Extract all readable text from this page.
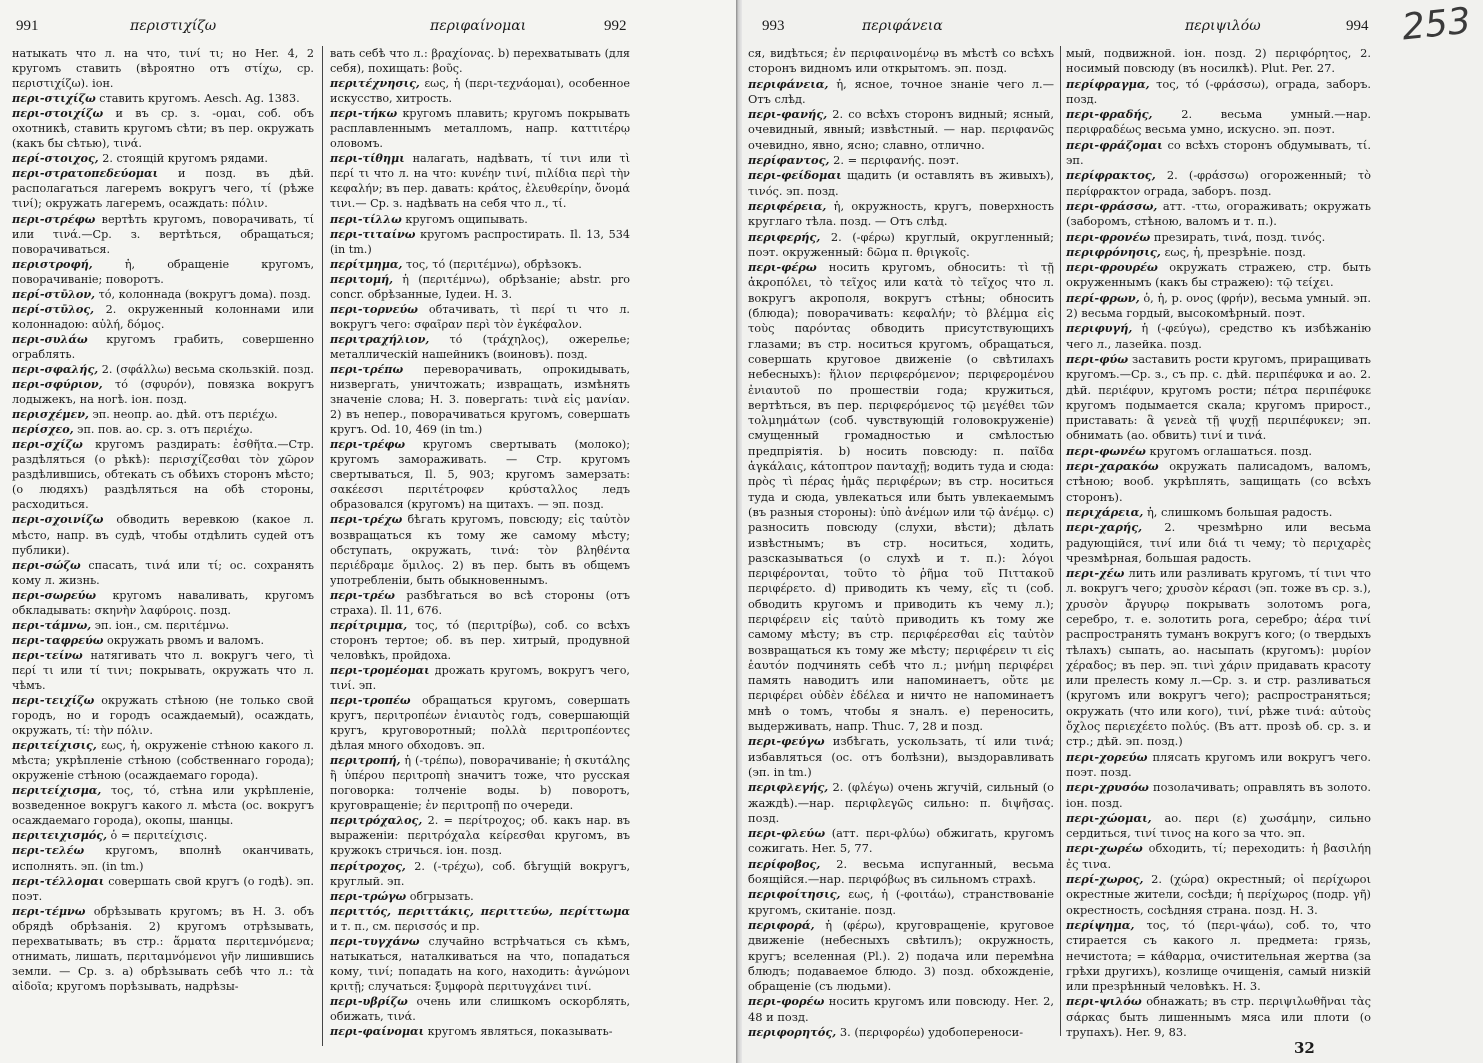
991	περιστιχίζω	περιφαίνομαι	992

натыкать что л. на что, τινί τι; но Her. 4, 2 кругомъ ставить (вѣроятно отъ στίχω, ср. περιστιχίζω). іон.

περι-στιχίζω ставить кругомъ. Aesch. Ag. 1383.

περι-στοιχίζω и въ ср. з. -ομαι, соб. объ охотникѣ, ставить кругомъ сѣти; въ пер. окружать (какъ бы сѣтью), τινά.

περί-στοιχος, 2. стоящій кругомъ рядами.

περι-στρατοπεδεύομαι и позд. въ дѣй. располагаться лагеремъ вокругъ чего, τί (рѣже τινί); окружать лагеремъ, осаждать: πόλιν.

περι-στρέφω вертѣть кругомъ, поворачивать, τί или τινά.—Ср. з. вертѣться, обращаться; поворачиваться.

περιστροφή,	ἡ, обращеніе кругомъ, поворачиваніе; поворотъ.

περί-στῡλον, τό, колоннада (вокругъ дома). позд.

περί-στῡλος, 2. окруженный колоннами или колоннадою: αὐλή, δόμος.

περι-συλάω кругомъ грабить, совершенно ограблять.

περι-σφαλής, 2. (σφάλλω) весьма скользкій. позд.

περι-σφύριον, τό (σφυρόν), повязка вокругъ лодыжекъ, на ногѣ. іон. позд.

περισχέμεν, эп. неопр. ао. дѣй. отъ περιέχω.

περίσχεο, эп. пов. ао. ср. з. отъ περιέχω.

περι-σχίζω кругомъ раздирать: ἐσθῆτα.—Стр. раздѣляться (о рѣкѣ): περισχίζεσθαι τὸν χῶρον раздѣлившись, обтекать съ обѣихъ сторонъ мѣсто; (о людяхъ) раздѣляться на обѣ стороны, расходиться.

περι-σχοινίζω обводить веревкою (какое л. мѣсто, напр. въ судѣ, чтобы отдѣлить судей отъ публики).

περι-σώζω спасать, τινά или τί; ос. сохранять кому л. жизнь.

περι-σωρεύω кругомъ наваливать, кругомъ обкладывать: σκηνὴν λαφύροις. позд.

περι-τάμνω, эп. іон., см. περιτέμνω.

περι-ταφρεύω окружать рвомъ и валомъ.

περι-τείνω натягивать что л. вокругъ чего, τὶ περί τι или τί τινι; покрывать, окружать что л. чѣмъ.

περι-τειχίζω окружать стѣною (не только свой городъ, но и городъ осаждаемый), осаждать, окружать, τί: τὴν πόλιν.

περιτείχισις, εως, ἡ, окруженіе стѣною какого л. мѣста; укрѣпленіе стѣною (собственнаго города); окруженіе стѣною (осаждаемаго города).

περιτείχισμα, τος, τό, стѣна или укрѣпленіе, возведенное вокругъ какого л. мѣста (ос. вокругъ осаждаемаго города), окопы, шанцы.

περιτειχισμός, ὁ = περιτείχισις.

περι-τελέω кругомъ, вполнѣ оканчивать, исполнять. эп. (in tm.)

περι-τέλλομαι совершать свой кругъ (о годѣ). эп. поэт.

περι-τέμνω обрѣзывать кругомъ; въ Н. 3. объ обрядѣ обрѣзанія. 2) кругомъ отрѣзывать, перехватывать; въ стр.: ἅρματα περιτεμνόμενα; отнимать, лишать, περιταμνόμενοι γῆν лишившись земли. — Ср. з. а) обрѣзывать себѣ что л.: τὰ αἰδοῖα; кругомъ порѣзывать, надрѣзы-

вать себѣ что л.: βραχίονας. b) перехватывать (для себя), похищать: βοῦς.

περιτέχνησις, εως, ἡ (περι-τεχνάομαι), особенное искусство, хитрость.

περι-τήκω кругомъ плавить; кругомъ покрывать расплавленнымъ металломъ, напр. καττιτέρῳ оловомъ.

περι-τίθημι налагать, надѣвать, τί τινι или τὶ περί τι что л. на что: κυνέην τινί, πιλίδια περὶ τὴν κεφαλήν; въ пер. давать: κράτος, ἐλευθερίην, ὄνομά τινι.— Ср. з. надѣвать на себя что л., τί.

περι-τίλλω кругомъ ощипывать.

περι-τιταίνω кругомъ распростирать. Il. 13, 534 (in tm.)

περίτμημα, τος, τό (περιτέμνω), обрѣзокъ.

περιτομή, ἡ (περιτέμνω), обрѣзаніе; abstr. pro concr. обрѣзанные, Іудеи. Н. 3.

περι-τορνεύω обтачивать, τὶ περί τι что л. вокругъ чего: σφαῖραν περὶ τὸν ἐγκέφαλον.

περιτραχήλιον, τό (τράχηλος), ожерелье; металлическій нашейникъ (воиновъ). позд.

περι-τρέπω переворачивать, опрокидывать, низвергать, уничтожать; извращать, измѣнять значеніе слова; Н. 3. повергать: τινὰ εἰς μανίαν. 2) въ непер., поворачиваться кругомъ, совершать кругъ. Od. 10, 469 (in tm.)

περι-τρέφω кругомъ свертывать (молоко); кругомъ замораживать. — Стр. кругомъ свертываться, Il. 5, 903; кругомъ замерзать: σακέεσσι περιτέτροφεν κρύσταλλος ледъ образовался (кругомъ) на щитахъ. — эп. позд.

περι-τρέχω бѣгать кругомъ, повсюду; εἰς ταὐτὸν возвращаться къ тому же самому мѣсту; обступать, окружать, τινά: τὸν βληθέντα περιέδραμε ὅμιλος. 2) въ пер. быть въ общемъ употребленіи, быть обыкновеннымъ.

περι-τρέω разбѣгаться во всѣ стороны (отъ страха). Il. 11, 676.

περίτριμμα, τος, τό (περιτρίβω), соб. со всѣхъ сторонъ тертое; об. въ пер. хитрый, продувной человѣкъ, пройдоха.

περι-τρομέομαι дрожать кругомъ, вокругъ чего, τινί. эп.

περι-τροπέω обращаться кругомъ, совершать кругъ, περιτροπέων ἐνιαυτὸς годъ, совершающій кругъ, круговоротный; πολλὰ περιτροπέοντες дѣлая много обходовъ. эп.

περιτροπή, ἡ (-τρέπω), поворачиваніе; ἡ σκυτάλης ἢ ὑπέρου περιτροπὴ значитъ тоже, что русская поговорка: толченіе воды. b) поворотъ, круговращеніе; ἐν περιτροπῇ по очереди.

περιτρόχαλος, 2. = περίτροχος; об. какъ нар. въ выраженіи: περιτρόχαλα κείρεσθαι кругомъ, въ кружокъ стричься. іон. позд.

περίτροχος, 2. (-τρέχω), соб. бѣгущій вокругъ, круглый. эп.

περι-τρώγω обгрызать.

περιττός, περιττάκις, περιττεύω, περίττωμα и т. п., см. περισσός и пр.

περι-τυγχάνω случайно встрѣчаться съ кѣмъ, натыкаться, наталкиваться на что, попадаться кому, τινί; попадать на кого, находить: ἀγνώμονι κριτῇ; случаться: ξυμφορὰ περιτυγχάνει τινί.

περι-υβρίζω очень или слишкомъ оскорблять, обижать, τινά.

περι-φαίνομαι кругомъ являться, показывать-

993	περιφάνεια	περιψιλόω	994 253

ся, видѣться; ἐν περιφαινομένῳ въ мѣстѣ со всѣхъ сторонъ видномъ или открытомъ. эп. позд.

περιφάνεια, ἡ, ясное, точное знаніе чего л.— Отъ слѣд.

περι-φανής, 2. со всѣхъ сторонъ видный; ясный, очевидный, явный; извѣстный. — нар. περιφανῶς очевидно, явно, ясно; славно, отлично.

περίφαντος, 2. = περιφανής. поэт.

περι-φείδομαι щадить (и оставлять въ живыхъ), τινός. эп. позд.

περιφέρεια, ἡ, окружность, кругъ, поверхность круглаго тѣла. позд. — Отъ слѣд.

περιφερής, 2. (-φέρω) круглый, округленный; поэт. окруженный: δῶμα π. θριγκοῖς.

περι-φέρω носить кругомъ, обносить: τὶ τῇ ἀκροπόλει, τὸ τεῖχος или κατὰ τὸ τεῖχος что л. вокругъ акрополя, вокругъ стѣны; обносить (блюда); поворачивать: κεφαλήν; τὸ βλέμμα εἰς τοὺς παρόντας обводить присутствующихъ глазами; въ стр. носиться кругомъ, обращаться, совершать круговое движеніе (о свѣтилахъ небесныхъ): ἥλιον περιφερόμενον; περιφερομένου ἐνιαυτοῦ по прошествіи года; кружиться, вертѣться, въ пер. περιφερόμενος τῷ μεγέθει τῶν τολμημάτων (соб. чувствующій головокруженіе) смущенный громадностью и смѣлостью предпріятія. b) носить повсюду: π. παῖδα ἀγκάλαις, κάτοπτρον πανταχῇ; водить туда и сюда: πρὸς τὶ πέρας ἡμᾶς περιφέρων; въ стр. носиться туда и сюда, увлекаться или быть увлекаемымъ (въ разныя стороны): ὑπὸ ἀνέμων или τῷ ἀνέμῳ. с) разносить повсюду (слухи, вѣсти); дѣлать извѣстнымъ; въ стр. носиться, ходить, разсказываться (о слухѣ и т. п.): λόγοι περιφέρονται, τοῦτο τὸ ῥῆμα τοῦ Πιττακοῦ περιφέρετο. d) приводить къ чему, εἴς τι (соб. обводить кругомъ и приводить къ чему л.); περιφέρειν εἰς ταὐτὸ приводить къ тому же самому мѣсту; въ стр. περιφέρεσθαι εἰς ταὐτὸν возвращаться къ тому же мѣсту; περιφέρειν τι εἰς ἑαυτόν подчинять себѣ что л.; μνήμη περιφέρει память наводитъ или напоминаетъ, οὔτε με περιφέρει οὐδὲν ἐδέλεα и ничто не напоминаетъ мнѣ о томъ, чтобы я зналъ. e) переносить, выдерживать, напр. Thuc. 7, 28 и позд.

περι-φεύγω избѣгать, ускользать, τί или τινά; избавляться (ос. отъ болѣзни), выздоравливать (эп. in tm.)

περιφλεγής, 2. (φλέγω) очень жгучій, сильный (о жаждѣ).—нар. περιφλεγῶς сильно: π. διψῆσας. позд.

περι-φλεύω (атт. περι-φλύω) обжигать, кругомъ сожигать. Her. 5, 77.

περίφοβος, 2. весьма испуганный, весьма боящійся.—нар. περιφόβως въ сильномъ страхѣ.

περιφοίτησις, εως, ἡ (-φοιτάω), странствованіе кругомъ, скитаніе. позд.

περιφορά, ἡ (φέρω), круговращеніе, круговое движеніе (небесныхъ свѣтилъ); окружность, кругъ; вселенная (Pl.). 2) подача или перемѣна блюдъ; подаваемое блюдо. 3) позд. обхожденіе, обращеніе (съ людьми).

περι-φορέω носить кругомъ или повсюду. Her. 2, 48 и позд.

περιφορητός, 3. (περιφορέω) удобопереноси-

мый, подвижной. іон. позд. 2) περιφόρητος, 2. носимый повсюду (въ носилкѣ). Plut. Per. 27.

περίφραγμα, τος, τό (-φράσσω), ограда, заборъ. позд.

περι-φραδής,	2. весьма умный.—нар. περιφραδέως весьма умно, искусно. эп. поэт.

περι-φράζομαι со всѣхъ сторонъ обдумывать, τί. эп.

περίφρακτος, 2. (-φράσσω) огороженный; τὸ περίφρακτον ограда, заборъ. позд.

περι-φράσσω, атт. -ττω, огораживать; окружать (заборомъ, стѣною, валомъ и т. п.).

περι-φρονέω презирать, τινά, позд. τινός.

περιφρόνησις, εως, ἡ, презрѣніе. позд.

περι-φρουρέω окружать стражею, стр. быть окруженнымъ (какъ бы стражею): τῷ τείχει.

περί-φρων, ὁ, ἡ, р. ονος (φρήν), весьма умный. эп. 2) весьма гордый, высокомѣрный. поэт.

περιφυγή, ἡ (-φεύγω), средство къ избѣжанію чего л., лазейка. позд.

περι-φύω заставить рости кругомъ, приращивать кругомъ.—Ср. з., съ пр. с. дѣй. περιπέφυκα и ао. 2. дѣй. περιέφυν, кругомъ рости; πέτρα περιπέφυκε кругомъ подымается скала; кругомъ прирост., приставать: ἃ γενεὰ τῇ ψυχῇ περιπέφυκεν; эп. обнимать (ао. обвить) τινί и τινά.

περι-φωνέω кругомъ оглашаться. позд.

περι-χαρακόω окружать палисадомъ, валомъ, стѣною; вооб. укрѣплять, защищать (со всѣхъ сторонъ).

περιχάρεια, ἡ, слишкомъ большая радость.

περι-χαρής, 2. чрезмѣрно или весьма радующійся, τινί или διά τι чему; τὸ περιχαρὲς чрезмѣрная, большая радость.

περι-χέω лить или разливать кругомъ, τί τινι что л. вокругъ чего; χρυσὸν κέρασι (эп. тоже въ ср. з.), χρυσὸν ἄργυρῳ покрывать золотомъ рога, серебро, т. е. золотить рога, серебро; ἀέρα τινί распространять туманъ вокругъ кого; (о твердыхъ тѣлахъ) сыпать, ао. насыпать (кругомъ): μυρίον χέραδος; въ пер. эп. τινὶ χάριν придавать красоту или прелесть кому л.—Ср. з. и стр. разливаться (кругомъ или вокругъ чего); распространяться; окружать (что или кого), τινί, рѣже τινά: αὐτοὺς ὄχλος περιεχέετο πολύς. (Въ атт. прозѣ об. ср. з. и стр.; дѣй. эп. позд.)

περι-χορεύω плясать кругомъ или вокругъ чего. поэт. позд.

περι-χρυσόω позолачивать; оправлять въ золото. іон. позд.

περι-χώομαι, ао. περι (ε) χωσάμην, сильно сердиться, τινί τινος на кого за что. эп.

περι-χωρέω обходить, τί; переходить: ἡ βασιλήη ἐς τινα.

περί-χωρος, 2. (χώρα) окрестный; οἱ περίχωροι окрестные жители, сосѣди; ἡ περίχωρος (подр. γῆ) окрестность, сосѣдняя страна. позд. Н. 3.

περίψημα, τος, τό (περι-ψάω), соб. то, что стирается съ какого л. предмета: грязь, нечистота; = κάθαρμα, очистительная жертва (за грѣхи другихъ), козлище очищенія, самый низкій или презрѣнный человѣкъ. Н. 3.

περι-ψιλόω обнажать; въ стр. περιψιλωθῆναι τὰς σάρκας быть лишеннымъ мяса или плоти (о трупахъ). Her. 9, 83.

32
